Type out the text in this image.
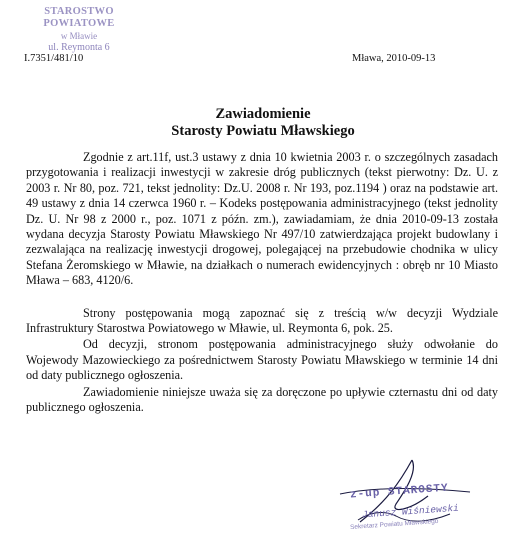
STAROSTWO POWIATOWE
w Mławie
ul. Reymonta 6
I.7351/481/10	Mława, 2010-09-13
Zawiadomienie
Starosty Powiatu Mławskiego

Zgodnie z art.11f, ust.3 ustawy z dnia 10 kwietnia 2003 r. o szczególnych zasadach przygotowania i realizacji inwestycji w zakresie dróg publicznych (tekst pierwotny: Dz. U. z 2003 r. Nr 80, poz. 721, tekst jednolity: Dz.U. 2008 r. Nr 193, poz.1194 ) oraz na podstawie art. 49 ustawy z dnia 14 czerwca 1960 r. – Kodeks postępowania administracyjnego (tekst jednolity Dz. U. Nr 98 z 2000 r., poz. 1071 z późn. zm.), zawiadamiam, że dnia 2010-09-13 została wydana decyzja Starosty Powiatu Mławskiego Nr 497/10 zatwierdzająca projekt budowlany i zezwalająca na realizację inwestycji drogowej, polegającej na przebudowie chodnika w ulicy Stefana Żeromskiego w Mławie, na działkach o numerach ewidencyjnych : obręb nr 10 Miasto Mława – 683, 4120/6.

Strony postępowania mogą zapoznać się z treścią w/w decyzji Wydziale Infrastruktury Starostwa Powiatowego w Mławie, ul. Reymonta 6, pok. 25.

Od decyzji, stronom postępowania administracyjnego służy odwołanie do Wojewody Mazowieckiego za pośrednictwem Starosty Powiatu Mławskiego w terminie 14 dni od daty publicznego ogłoszenia.

Zawiadomienie niniejsze uważa się za doręczone po upływie czternastu dni od daty publicznego ogłoszenia.

z-up STAROSTY
Janusz Wiśniewski
Sekretarz Powiatu Mławskiego
